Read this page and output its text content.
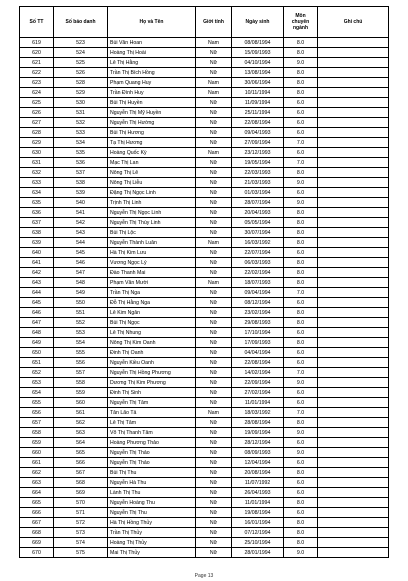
Số TT	Số báo danh	Họ và Tên	Giới tính	Ngày sinh	Môn chuyên ngành	Ghi chú
619	523	Bùi Văn Hoan	Nam	08/08/1994	8.0	
620	524	Hoàng Thị Hoài	Nữ	15/09/1993	8.0	
621	525	Lê Thị Hằng	Nữ	04/10/1994	9.0	
622	526	Trần Thị Bích Hồng	Nữ	13/08/1994	8.0	
623	528	Phạm Quang Huy	Nam	30/06/1994	8.0	
624	529	Trần Đình Huy	Nam	10/11/1994	8.0	
625	530	Bùi Thị Huyền	Nữ	11/09/1994	6.0	
626	531	Nguyễn Thị Mỹ Huyền	Nữ	25/11/1994	6.0	
627	532	Nguyễn Thị Hường	Nữ	22/08/1994	6.0	
628	533	Bùi Thị Hương	Nữ	09/04/1993	6.0	
629	534	Tạ Thị Hương	Nữ	27/09/1994	7.0	
630	535	Hoàng Quốc Kỳ	Nam	23/12/1993	6.0	
631	536	Mạc Thị Lan	Nữ	19/05/1994	7.0	
632	537	Nông Thị Lê	Nữ	22/03/1993	8.0	
633	538	Nông Thị Liễu	Nữ	21/03/1993	9.0	
634	539	Đặng Thị Ngọc Linh	Nữ	01/03/1994	6.0	
635	540	Trịnh Thị Linh	Nữ	28/07/1994	9.0	
636	541	Nguyễn Thị Ngọc Linh	Nữ	20/04/1993	8.0	
637	542	Nguyễn Thị Thùy Linh	Nữ	05/05/1994	8.0	
638	543	Bùi Thị Lộc	Nữ	30/07/1994	8.0	
639	544	Nguyễn Thành Luân	Nam	16/03/1992	8.0	
640	545	Hà Thị Kim Lưu	Nữ	22/07/1994	6.0	
641	546	Vương Ngọc Lý	Nữ	06/03/1993	8.0	
642	547	Đào Thanh Mai	Nữ	22/02/1994	8.0	
643	548	Phạm Văn Mười	Nam	18/07/1993	8.0	
644	549	Trần Thị Nga	Nữ	09/04/1994	7.0	
645	550	Đỗ Thị Hằng Nga	Nữ	08/12/1994	6.0	
646	551	Lê Kim Ngân	Nữ	23/02/1994	8.0	
647	552	Bùi Thị Ngọc	Nữ	29/08/1993	8.0	
648	553	Lê Thị Nhung	Nữ	17/10/1994	6.0	
649	554	Nông Thị Kim Oanh	Nữ	17/09/1993	8.0	
650	555	Đinh Thị Oanh	Nữ	04/04/1994	6.0	
651	556	Nguyễn Kiều Oanh	Nữ	22/08/1994	6.0	
652	557	Nguyễn Thị Hồng Phương	Nữ	14/02/1994	7.0	
653	558	Dương Thị Kim Phương	Nữ	22/09/1994	9.0	
654	559	Đinh Thị Sinh	Nữ	27/02/1994	6.0	
655	560	Nguyễn Thị Tâm	Nữ	11/01/1994	6.0	
656	561	Tân Lão Tả	Nam	18/03/1992	7.0	
657	562	Lê Thị Tâm	Nữ	28/08/1994	8.0	
658	563	Võ Thị Thanh Tâm	Nữ	19/09/1994	9.0	
659	564	Hoàng Phương Thảo	Nữ	28/12/1994	6.0	
660	565	Nguyễn Thị Thảo	Nữ	08/09/1993	9.0	
661	566	Nguyễn Thị Thảo	Nữ	12/04/1994	6.0	
662	567	Bùi Thị Thu	Nữ	20/08/1994	8.0	
663	568	Nguyễn Hà Thu	Nữ	11/07/1992	6.0	
664	569	Lành Thị Thu	Nữ	26/04/1993	6.0	
665	570	Nguyễn Hoàng Thu	Nữ	11/01/1994	8.0	
666	571	Nguyễn Thị Thu	Nữ	19/08/1994	6.0	
667	572	Hà Thị Hồng Thủy	Nữ	16/01/1994	8.0	
668	573	Trần Thị Thủy	Nữ	07/12/1994	8.0	
669	574	Hoàng Thị Thủy	Nữ	25/10/1994	8.0	
670	575	Mai Thị Thủy	Nữ	28/01/1994	9.0	
Page 13
